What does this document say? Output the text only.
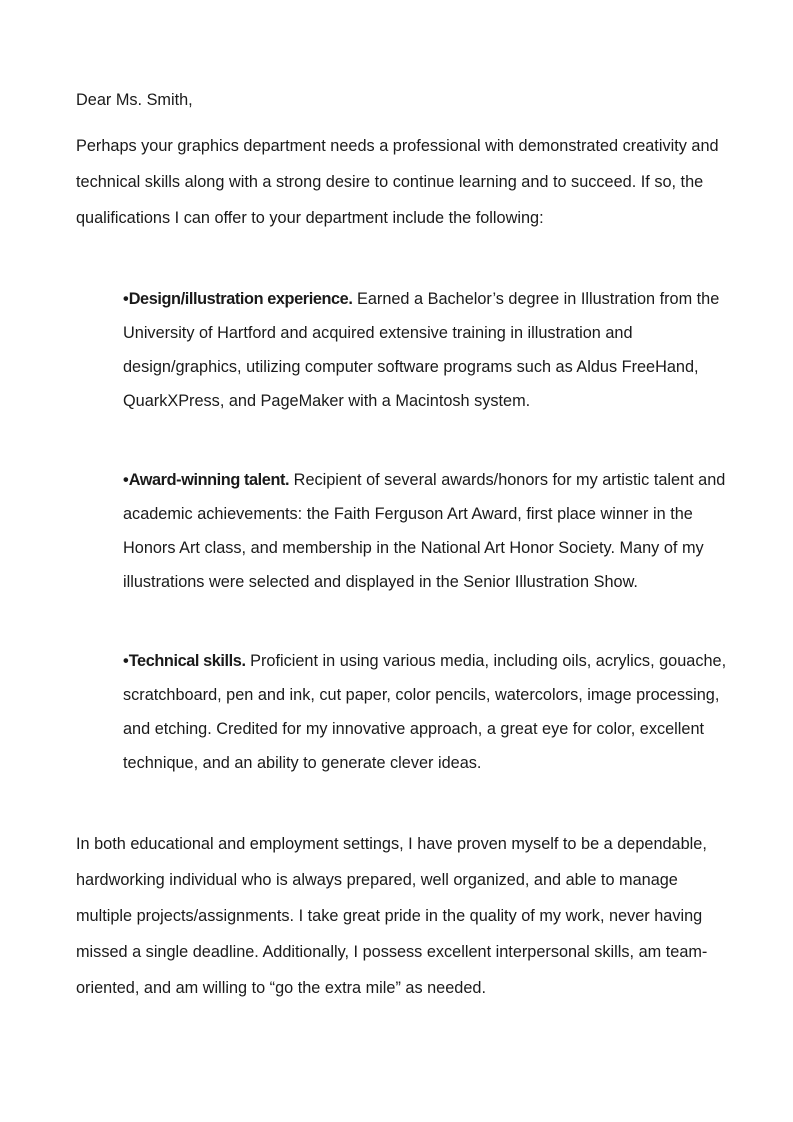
Dear Ms. Smith,

Perhaps your graphics department needs a professional with demonstrated creativity and technical skills along with a strong desire to continue learning and to succeed. If so, the qualifications I can offer to your department include the following:

•Design/illustration experience. Earned a Bachelor’s degree in Illustration from the University of Hartford and acquired extensive training in illustration and design/graphics, utilizing computer software programs such as Aldus FreeHand, QuarkXPress, and PageMaker with a Macintosh system.

•Award-winning talent. Recipient of several awards/honors for my artistic talent and academic achievements: the Faith Ferguson Art Award, first place winner in the Honors Art class, and membership in the National Art Honor Society. Many of my illustrations were selected and displayed in the Senior Illustration Show.

•Technical skills. Proficient in using various media, including oils, acrylics, gouache, scratchboard, pen and ink, cut paper, color pencils, watercolors, image processing, and etching. Credited for my innovative approach, a great eye for color, excellent technique, and an ability to generate clever ideas.

In both educational and employment settings, I have proven myself to be a dependable, hardworking individual who is always prepared, well organized, and able to manage multiple projects/assignments. I take great pride in the quality of my work, never having missed a single deadline. Additionally, I possess excellent interpersonal skills, am team-oriented, and am willing to “go the extra mile” as needed.
